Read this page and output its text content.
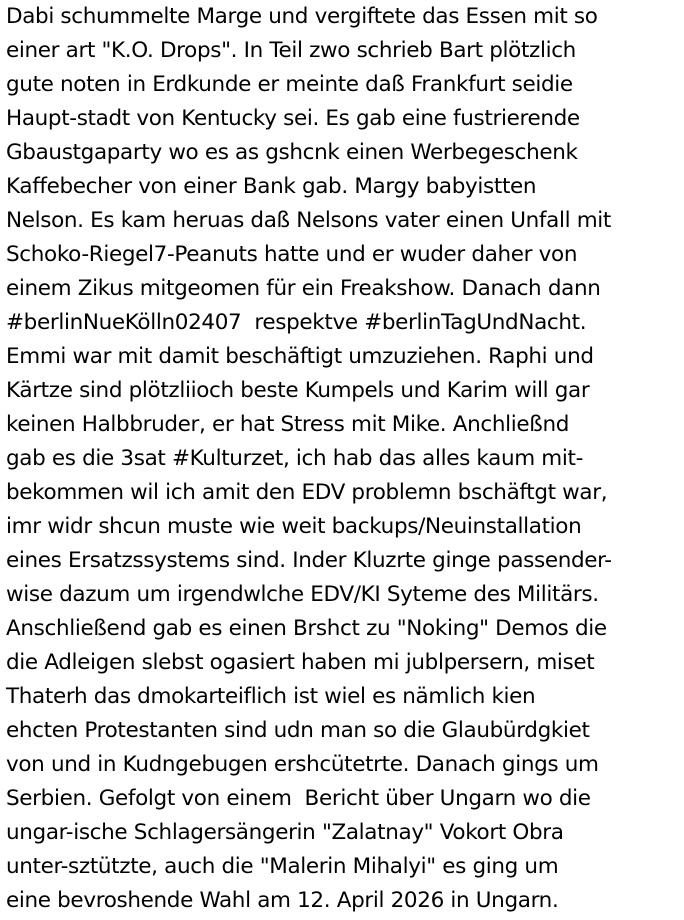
Dabi schummelte Marge und vergiftete das Essen mit so
einer art "K.O. Drops". In Teil zwo schrieb Bart plötzlich
gute noten in Erdkunde er meinte daß Frankfurt seidie
Haupt-stadt von Kentucky sei. Es gab eine fustrierende
Gbaustgaparty wo es as gshcnk einen Werbegeschenk
Kaffebecher von einer Bank gab. Margy babyistten
Nelson. Es kam heruas daß Nelsons vater einen Unfall mit
Schoko-Riegel7-Peanuts hatte und er wuder daher von
einem Zikus mitgeomen für ein Freakshow. Danach dann
#berlinNueKölln02407  respektve #berlinTagUndNacht.
Emmi war mit damit beschäftigt umzuziehen. Raphi und
Kärtze sind plötzliioch beste Kumpels und Karim will gar
keinen Halbbruder, er hat Stress mit Mike. Anchließnd
gab es die 3sat #Kulturzet, ich hab das alles kaum mit-
bekommen wil ich amit den EDV problemn bschäftgt war,
imr widr shcun muste wie weit backups/Neuinstallation
eines Ersatzssystems sind. Inder Kluzrte ginge passender-
wise dazum um irgendwlche EDV/KI Syteme des Militärs.
Anschließend gab es einen Brshct zu "Noking" Demos die
die Adleigen slebst ogasiert haben mi jublpersern, miset
Thaterh das dmokarteiflich ist wiel es nämlich kien
ehcten Protestanten sind udn man so die Glaubürdgkiet
von und in Kudngebugen ershcütetrte. Danach gings um
Serbien. Gefolgt von einem  Bericht über Ungarn wo die
ungar-ische Schlagersängerin "Zalatnay" Vokort Obra
unter-sztützte, auch die "Malerin Mihalyi" es ging um
eine bevroshende Wahl am 12. April 2026 in Ungarn.
